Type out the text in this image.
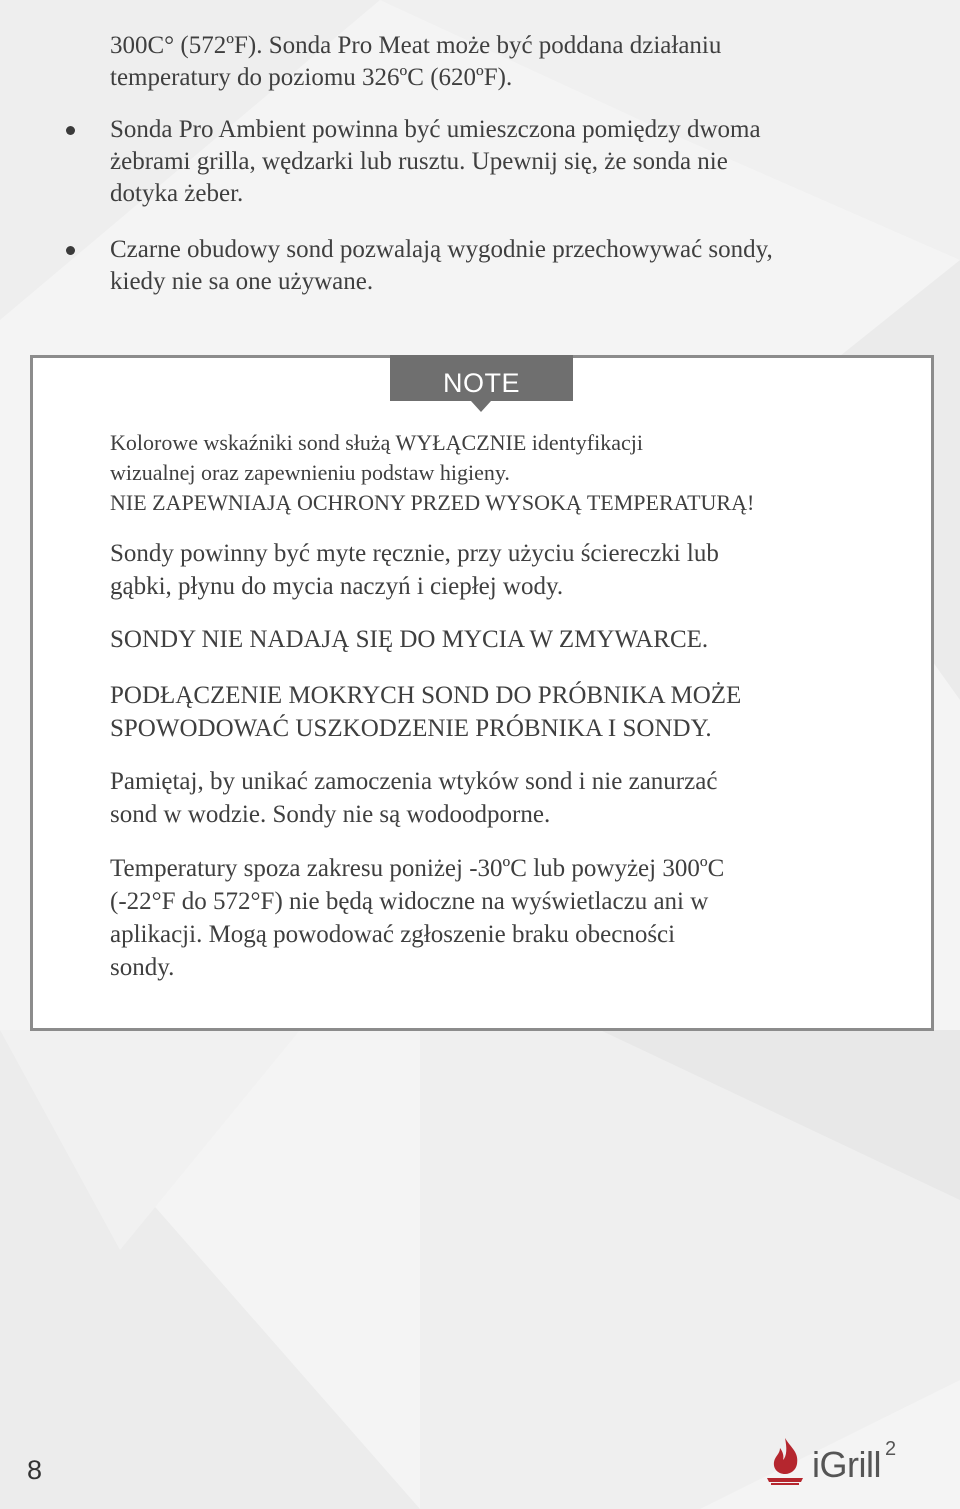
300C° (572ºF). Sonda Pro Meat może być poddana działaniu
temperatury do poziomu 326ºC (620ºF).

Sonda Pro Ambient powinna być umieszczona pomiędzy dwoma
żebrami grilla, wędzarki lub rusztu. Upewnij się, że sonda nie
dotyka żeber.

Czarne obudowy sond pozwalają wygodnie przechowywać sondy,
kiedy nie sa one używane.

NOTE

Kolorowe wskaźniki sond służą WYŁĄCZNIE identyfikacji
wizualnej oraz zapewnieniu podstaw higieny.
NIE ZAPEWNIAJĄ OCHRONY PRZED WYSOKĄ TEMPERATURĄ!

Sondy powinny być myte ręcznie, przy użyciu ściereczki lub
gąbki, płynu do mycia naczyń i ciepłej wody.

SONDY NIE NADAJĄ SIĘ DO MYCIA W ZMYWARCE.

PODŁĄCZENIE MOKRYCH SOND DO PRÓBNIKA MOŻE
SPOWODOWAĆ USZKODZENIE PRÓBNIKA I SONDY.

Pamiętaj, by unikać zamoczenia wtyków sond i nie zanurzać
sond w wodzie. Sondy nie są wodoodporne.

Temperatury spoza zakresu poniżej -30ºC lub powyżej 300ºC
(-22°F do 572°F) nie będą widoczne na wyświetlaczu ani w
aplikacji. Mogą powodować zgłoszenie braku obecności
sondy.

8	iGrill 2
